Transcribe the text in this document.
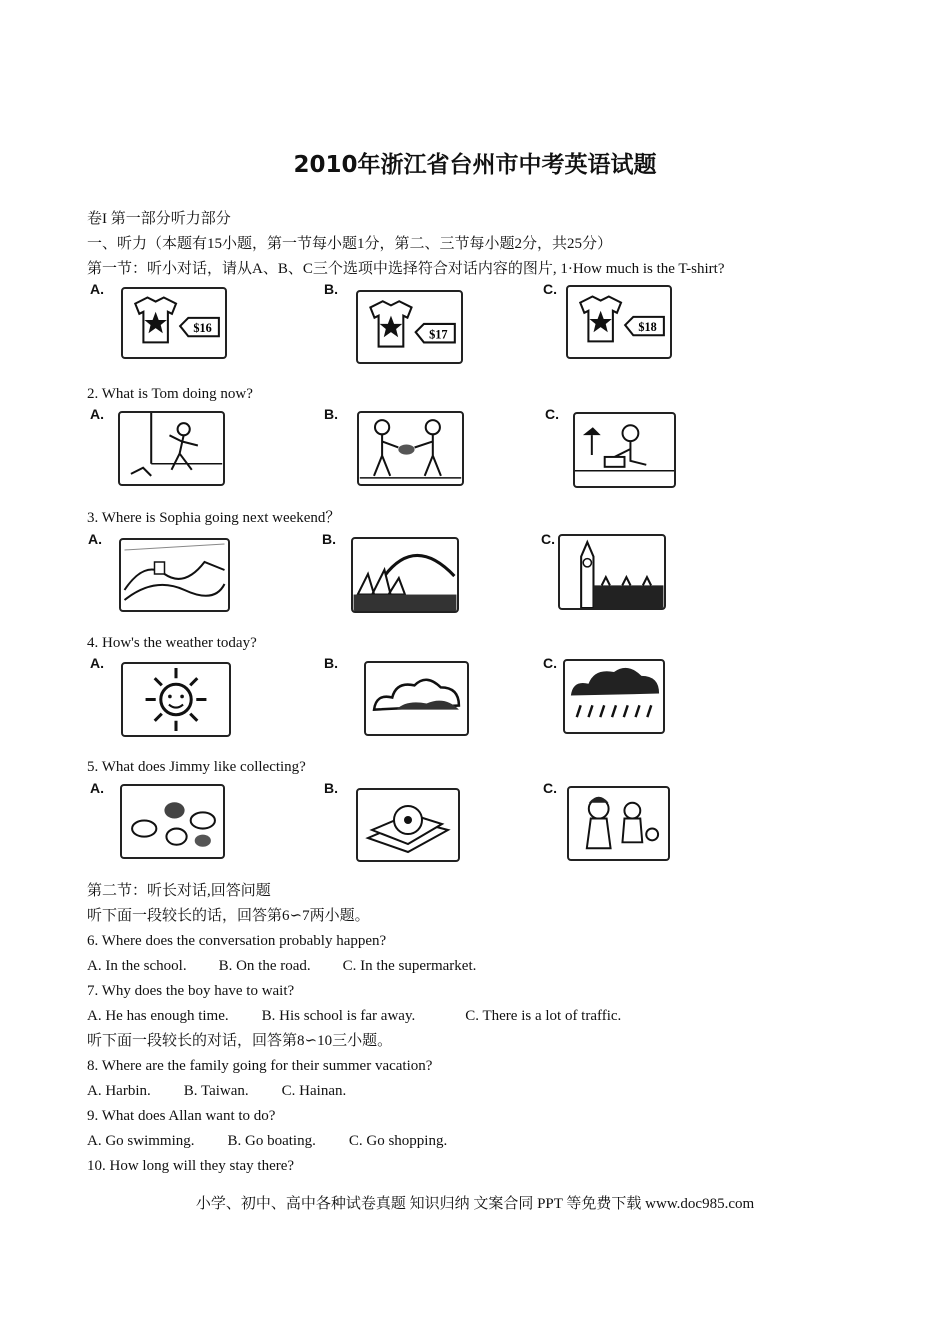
2010年浙江省台州市中考英语试题
卷I 第一部分听力部分
一、听力（本题有15小题，第一节每小题1分，第二、三节每小题2分，共25分）
第一节：听小对话，请从A、B、C三个选项中选择符合对话内容的图片, 1·How much is the T-shirt?
A.	B.	C.
$16	$17
$18
2. What is Tom doing now?
A.	B.	C.
3. Where is Sophia going next weekend？
A.	B.	C.
4. How's the weather today?
A.	B.	C.
5. What does Jimmy like collecting?
A.	B.	C.
第二节：听长对话,回答问题
听下面一段较长的话，回答第6∽7两小题。
6. Where does the conversation probably happen?
A. In the school. B. On the road. C. In the supermarket.
7. Why does the boy have to wait?
A. He has enough time. B. His school is far away.	C. There is a lot of traffic.
听下面一段较长的对话，回答第8∽10三小题。
8. Where are the family going for their summer vacation?
A. Harbin. B. Taiwan. C. Hainan.
9. What does Allan want to do?
A. Go swimming. B. Go boating. C. Go shopping.
10. How long will they stay there?
小学、初中、高中各种试卷真题 知识归纳 文案合同 PPT 等免费下载 www.doc985.com
